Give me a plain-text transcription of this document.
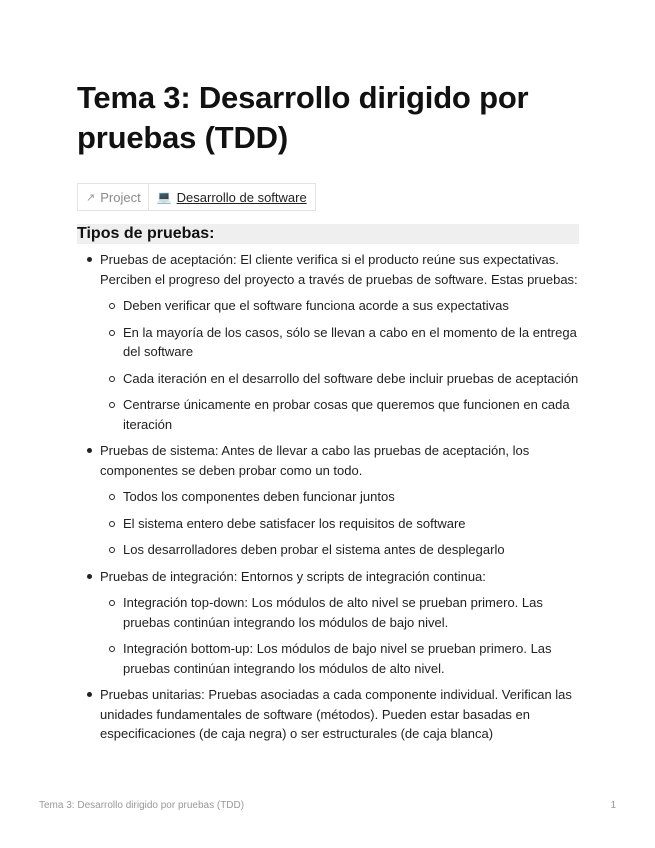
Tema 3: Desarrollo dirigido por pruebas (TDD)
↗ Project 💻 Desarrollo de software
Tipos de pruebas:
Pruebas de aceptación: El cliente verifica si el producto reúne sus expectativas. Perciben el progreso del proyecto a través de pruebas de software. Estas pruebas:
Deben verificar que el software funciona acorde a sus expectativas
En la mayoría de los casos, sólo se llevan a cabo en el momento de la entrega del software
Cada iteración en el desarrollo del software debe incluir pruebas de aceptación
Centrarse únicamente en probar cosas que queremos que funcionen en cada iteración
Pruebas de sistema: Antes de llevar a cabo las pruebas de aceptación, los componentes se deben probar como un todo.
Todos los componentes deben funcionar juntos
El sistema entero debe satisfacer los requisitos de software
Los desarrolladores deben probar el sistema antes de desplegarlo
Pruebas de integración: Entornos y scripts de integración continua:
Integración top-down: Los módulos de alto nivel se prueban primero. Las pruebas continúan integrando los módulos de bajo nivel.
Integración bottom-up: Los módulos de bajo nivel se prueban primero. Las pruebas continúan integrando los módulos de alto nivel.
Pruebas unitarias: Pruebas asociadas a cada componente individual. Verifican las unidades fundamentales de software (métodos). Pueden estar basadas en especificaciones (de caja negra) o ser estructurales (de caja blanca)
Tema 3: Desarrollo dirigido por pruebas (TDD)	1
